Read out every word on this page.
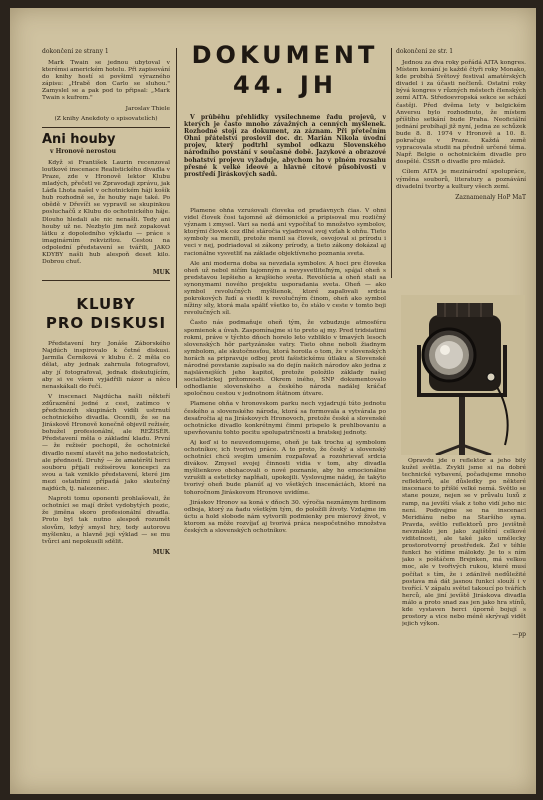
dokončení ze strany 1

Mark Twain se jednou ubytoval v kterémsi americkém hotelu. Při zapisování do knihy hostí si povšiml výrazného zápisu: „Hrabě don Carlo se sluhou." Zamyslel se a pak pod to připsal: „Mark Twain s kufrem."

Jaroslav Thiele

(Z knihy Anekdoty o spisovatelích)

Ani houby
v Hronově nerostou

Když si František Laurin recenzoval loutkové inscenace Realistického divadla v Praze, zde v Hronově lektor Klubu mladých, přečetl ve Zpravodaji zprávu, jak Láďa Lhota našel v ochotnickém háji košík hub rozhodně se, že houby naje také. Po obědě v Dřevíči se vypravil se skupinkou posluchačů z Klubu do ochotnického háje. Dlouho hledali ale nic nenašli. Tedy ani houby už ne. Nezbylo jim než zopakovat látku z dopoledního výkladu — práce s imaginárním rekvizitou. Cestou na odpolední představení se tvářili, JAKO KDYBY našli hub alespoň deset kilo. Dobrou chuť.

MUK
KLUBY
PRO DISKUSI

Představení hry Jonáše Záborského Najdúch inspirovalo k četné diskusi. Jarmila Černíková v klubu č. 2 měla co dělat, aby jednak zahrnula fotografovi, aby jí fotografoval, jednak diskutujícím, aby si ve všem vyjádřili názor a něco nenaskákali do řečí.

V inscenaci Najdúcha našli někteří zdůraznění jedné z cest, zatímco v předchozích skupinách vidíli ustrnutí ochotnického divadla. Ocenili, že se na Jiráskově Hronově konečně objevil režisér, bohužel profesionální, ale REŽISÉR. Představení měla o základní kladu. První — že režisér pochopil, že ochotnické divadlo nesmí stavět na jeho nedostatcích, ale předností. Druhý — že amatérští herci souboru přijali režisérovu koncepci za svou a tak vzniklo představení, které jim mezi ostatními případá jako skutečný najdúch, tj. nalezenec.

Naproti tomu oponenti prohlašovali, že ochotníci se mají držet vydobytých pozic, že jiměna skoro profesionální divadla. Proto byl tak nutno alespoň rozumět slovům, kdyý smysl hry, tedy autorovu myšlenku, a hlavně její výklad — se mu tvůrci ani nepokusili sdělit.

MUK
DOKUMENT
44. JH

V průběhu přehlídky vysílechneme řadu projevů, v kterých je často mnoho závažných a cenných myšlenek. Rozhodně stojí za dokument, za záznam. Při přetečním Ohni přátelství proslovil doc. dr. Marián Nikola úvodní projev, který podtrhl symbol odkazu Slovenského národního povstání v současné době. Jazykové a obrazové bohatství projevu vyžaduje, abychom ho v plném rozsahu přesné k velké ideové a hlavně citové působivosti v prostředí Jiráskových sadů.

Plamene ohňa vzrušovali človeka od pradávnych čias. V ohni videl človek čosi tajomné až démonické a pripisoval mu rozličný význam i zmysel. Vari sa nedá ani vypočítať to množstvo symbolov, ktorými človek cez dlhé stáročia vyjadroval svoj vzťah k ohňu. Tieto symboly sa menili, pretože menil sa človek, osvojoval si prírodu i veci v nej, podriadoval si zákony prírody, a tieto zákony dokázal aj racionálne vysvetliť na základe objektívneho poznania sveta.

Ale ani moderna doba sa nevzdala symbolov. A hoci pre človeka oheň už nebol ničím tajomným a nevysvetliteľným, spájal oheň s predstavou lepšieho a krajšieho sveta. Revolúcia a oheň stali sa synonymami nového projektu usporadania sveta. Oheň — ako symbol revolučných myšlienok, ktoré zapaľovali srdcia pokrokových ľudí a viedli k revolučným činom, oheň ako symbol nížiny síly, ktorá mala spáliť všetko to, čo stálo v ceste v tomto boji revolučných síl.

Často nás podmaňuje oheň tým, že vzbudzuje atmosféru spomienok a úvah. Zaspomínajme si to preto aj my. Pred tridsiatimi rokmi, práve v týchto dňoch horelo leto vzbliklo v tmavých lesoch slovenských hôr partyzánske vatry. Tieto ohne neboli žiadnym symbolom, ale skutočnosťou, ktorá horoila o tom, že v slovenských horách sa pripravuje odboj proti fašistickému útlaku a Slovenské národné povstanie zapísalo sa do dejín našich národov ako jedna z najslávnejších jeho kapitol, pretože položilo základy našej socialistickej prítomnosti. Okrem iného, SNP dokumentovalo odhodlanie slovenského a českého národa nadálej kráčať spoločnou cestou v jednotnom štátnom útvare.

Plamene ohňa v hronovskom parku nech vyjadrujú túto jednotu českého a slovenského národa, ktorá sa formovala a vytvárala po desaťročia aj na Jiráskovych Hronovoch, pretože české a slovenské ochotnícke divadlo konkrétnymi činmi prispelo k prehlbovaniu a upevňovaniu tohto pocitu spolupatričnosti a bratskej jednoty.

Aj keď si to neuvedomujeme, oheň je tak trochu aj symbolom ochotníkov, ich tvorivej práce. A to preto, že český a slovenský ochotníci chcú svojim umením rozpaľovať a rozohrievať srdcia divákov. Zmysel svojej činnosti vidia v tom, aby divadla myšlienkovo obohacovali o nové poznanie, aby ho emocionálne vzrušili a esteticky napĺňali, upokojili. Vyslovujme nádej, že takýto tvorivý oheň bude planúť aj vo všetkých inscenáciách, ktoré na tohoročnom Jiráskovom Hronove uvidíme.

Jiráskov Hronov sa koná v dňoch 30. výročia neznámym hrdinom odboja, ktorý za ňadu všetkým tým, do položili životy. Vzdajme im úctu a hold slobode nám vytvorili podmienky pre mierový život, v ktorom sa môže rozvíjať aj tvorivá práca nespočetného množstva českých a slovenských ochotníkov.

dokončení ze str. 1

Jednou za dva roky pořádá AITA kongres. Místem konání je každé čtyři roky Monako, kde probíhá Světový festival amatérských divadel i za účasti nečlenů. Ostatní roky bývá kongres v různých městech členských zemí AITA. Středoevropská sekce se schází častěji. Před dvěma lety v belgickém Anversu bylo rozhodnuto, že místem příštího setkání bude Praha. Neoficiální jednání probíhají již nyní, jedna ze schůzek bude 8. 8. 1974 v Hronově a 10. 8. pokračuje v Praze. Každá země vypracovala studii na předně určené téma. Např. Belgie o ochotnickém divadle pro dospělé. ČSSR o divadle pro mládež.

Cílem AITA je mezinárodní spolupráce, výměna souborů, literatury a poznávání divadelní tvorby a kultury všech zemí.

Zaznamenaly HoP MaT

Opravdu jde o reflektor a jeho bílý kužel světla. Zvykli jsme si na dobré technické vybavení, počadujeme mnoho reflektorů, ale důsledky po některé inscenace to přišlé velké nemá. Světlo se stane pouze, nejen se v průvalu luxů z ramp, na jeviští však z toho vidí jeho nic není. Podivujme se na inscenaci Meridiánu nebo na Staršího syna. Pravda, světlo reflektorů pro jevištně nevznáklo jen jako zajištění celkové viditelnosti, ale také jako umělecky prostorotvorný prostředek. Žel v téhle funkci ho vídíme málokdy. Je to s ním jako s poštáčem Brejnken, má velkou moc, ale v tvořivých rukou, které musí počítat s tím, že i zdánlivě nedůležité postava má dát jasnou funkci slouží i v tvořící. V zápalu světel takoucí po tvářích herců, ale jiní jevíště Jiráskova divadla málo a proto snad zas jen jako hra stínů, kde vystaven herci úporně bojují s prostory a vice nebo méně skrývají vidět jejich výkon.

—pp
